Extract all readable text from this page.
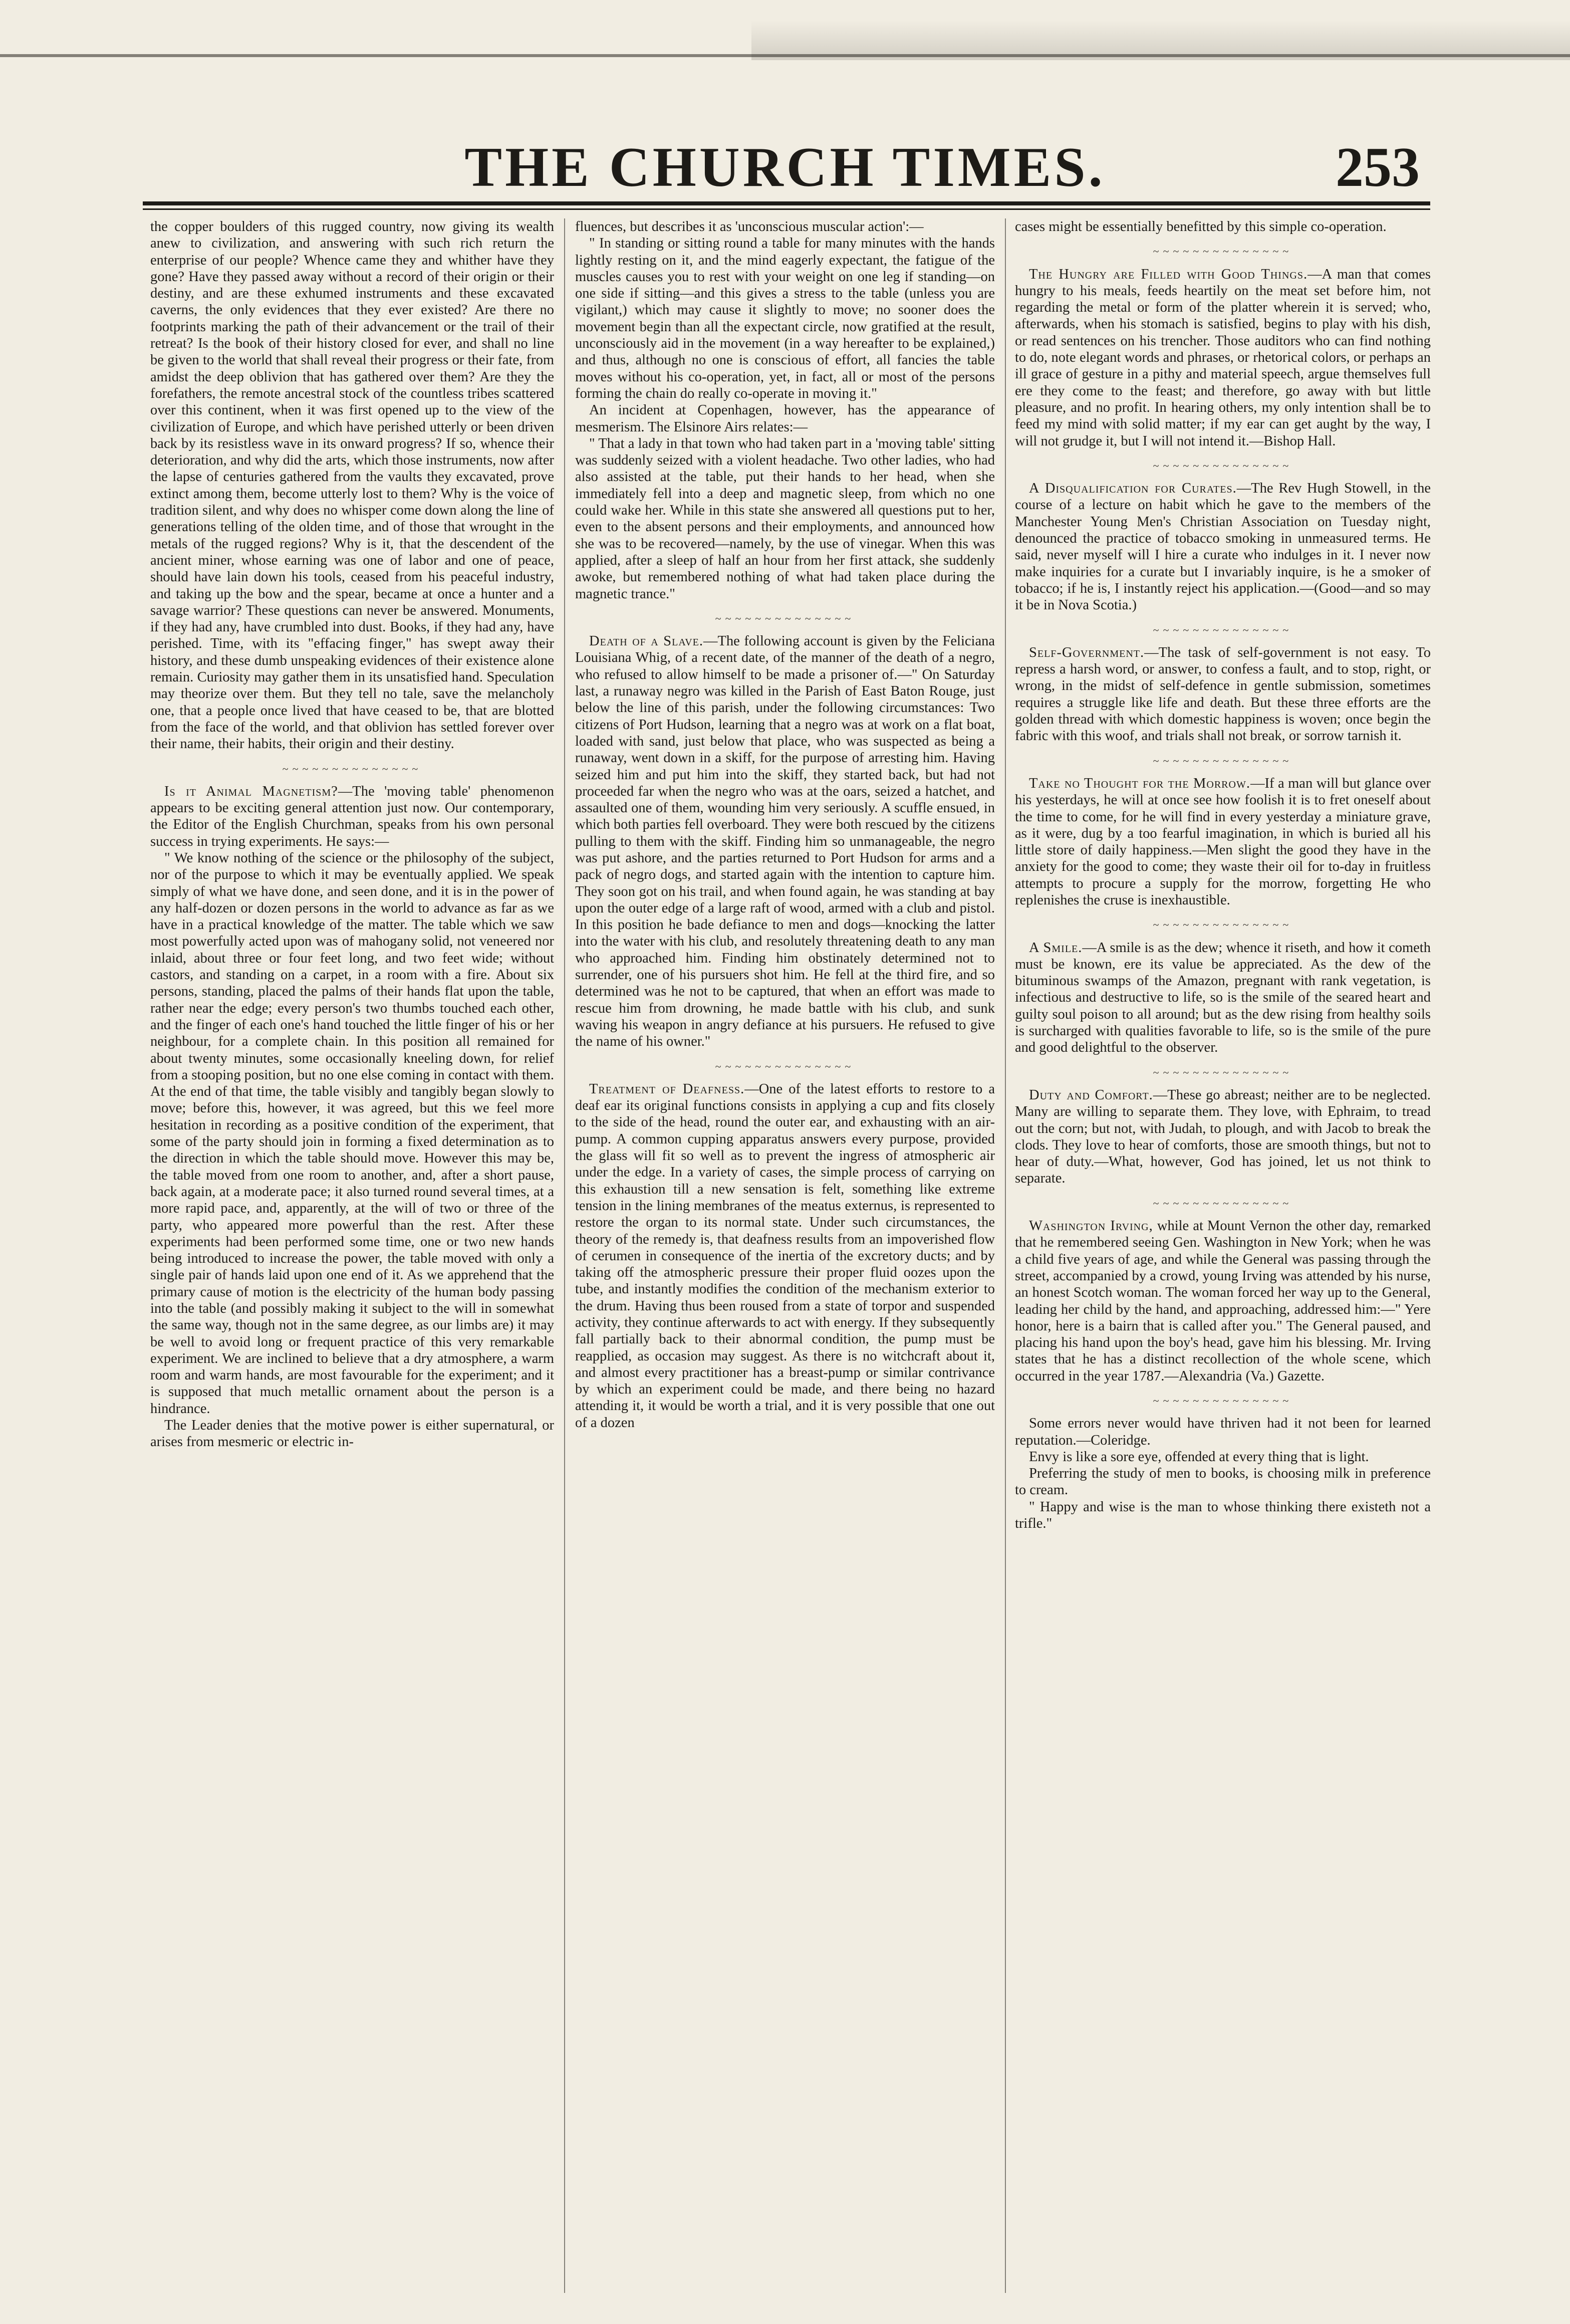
THE CHURCH TIMES.	253

the copper boulders of this rugged country, now giving its wealth anew to civilization, and answering with such rich return the enterprise of our people? Whence came they and whither have they gone? Have they passed away without a record of their origin or their destiny, and are these exhumed instruments and these excavated caverns, the only evidences that they ever existed? Are there no footprints marking the path of their advancement or the trail of their retreat? Is the book of their history closed for ever, and shall no line be given to the world that shall reveal their progress or their fate, from amidst the deep oblivion that has gathered over them? Are they the forefathers, the remote ancestral stock of the countless tribes scattered over this continent, when it was first opened up to the view of the civilization of Europe, and which have perished utterly or been driven back by its resistless wave in its onward progress? If so, whence their deterioration, and why did the arts, which those instruments, now after the lapse of centuries gathered from the vaults they excavated, prove extinct among them, become utterly lost to them? Why is the voice of tradition silent, and why does no whisper come down along the line of generations telling of the olden time, and of those that wrought in the metals of the rugged regions? Why is it, that the descendent of the ancient miner, whose earning was one of labor and one of peace, should have lain down his tools, ceased from his peaceful industry, and taking up the bow and the spear, became at once a hunter and a savage warrior? These questions can never be answered. Monuments, if they had any, have crumbled into dust. Books, if they had any, have perished. Time, with its "effacing finger," has swept away their history, and these dumb unspeaking evidences of their existence alone remain. Curiosity may gather them in its unsatisfied hand. Speculation may theorize over them. But they tell no tale, save the melancholy one, that a people once lived that have ceased to be, that are blotted from the face of the world, and that oblivion has settled forever over their name, their habits, their origin and their destiny.

~~~~~~~~~~~~~~

Is it Animal Magnetism?—The 'moving table' phenomenon appears to be exciting general attention just now. Our contemporary, the Editor of the English Churchman, speaks from his own personal success in trying experiments. He says:—

" We know nothing of the science or the philosophy of the subject, nor of the purpose to which it may be eventually applied. We speak simply of what we have done, and seen done, and it is in the power of any half-dozen or dozen persons in the world to advance as far as we have in a practical knowledge of the matter. The table which we saw most powerfully acted upon was of mahogany solid, not veneered nor inlaid, about three or four feet long, and two feet wide; without castors, and standing on a carpet, in a room with a fire. About six persons, standing, placed the palms of their hands flat upon the table, rather near the edge; every person's two thumbs touched each other, and the finger of each one's hand touched the little finger of his or her neighbour, for a complete chain. In this position all remained for about twenty minutes, some occasionally kneeling down, for relief from a stooping position, but no one else coming in contact with them. At the end of that time, the table visibly and tangibly began slowly to move; before this, however, it was agreed, but this we feel more hesitation in recording as a positive condition of the experiment, that some of the party should join in forming a fixed determination as to the direction in which the table should move. However this may be, the table moved from one room to another, and, after a short pause, back again, at a moderate pace; it also turned round several times, at a more rapid pace, and, apparently, at the will of two or three of the party, who appeared more powerful than the rest. After these experiments had been performed some time, one or two new hands being introduced to increase the power, the table moved with only a single pair of hands laid upon one end of it. As we apprehend that the primary cause of motion is the electricity of the human body passing into the table (and possibly making it subject to the will in somewhat the same way, though not in the same degree, as our limbs are) it may be well to avoid long or frequent practice of this very remarkable experiment. We are inclined to believe that a dry atmosphere, a warm room and warm hands, are most favourable for the experiment; and it is supposed that much metallic ornament about the person is a hindrance.

The Leader denies that the motive power is either supernatural, or arises from mesmeric or electric in-

fluences, but describes it as 'unconscious muscular action':—

" In standing or sitting round a table for many minutes with the hands lightly resting on it, and the mind eagerly expectant, the fatigue of the muscles causes you to rest with your weight on one leg if standing—on one side if sitting—and this gives a stress to the table (unless you are vigilant,) which may cause it slightly to move; no sooner does the movement begin than all the expectant circle, now gratified at the result, unconsciously aid in the movement (in a way hereafter to be explained,) and thus, although no one is conscious of effort, all fancies the table moves without his co-operation, yet, in fact, all or most of the persons forming the chain do really co-operate in moving it."

An incident at Copenhagen, however, has the appearance of mesmerism. The Elsinore Airs relates:—

" That a lady in that town who had taken part in a 'moving table' sitting was suddenly seized with a violent headache. Two other ladies, who had also assisted at the table, put their hands to her head, when she immediately fell into a deep and magnetic sleep, from which no one could wake her. While in this state she answered all questions put to her, even to the absent persons and their employments, and announced how she was to be recovered—namely, by the use of vinegar. When this was applied, after a sleep of half an hour from her first attack, she suddenly awoke, but remembered nothing of what had taken place during the magnetic trance."

~~~~~~~~~~~~~~

Death of a Slave.—The following account is given by the Feliciana Louisiana Whig, of a recent date, of the manner of the death of a negro, who refused to allow himself to be made a prisoner of.—" On Saturday last, a runaway negro was killed in the Parish of East Baton Rouge, just below the line of this parish, under the following circumstances: Two citizens of Port Hudson, learning that a negro was at work on a flat boat, loaded with sand, just below that place, who was suspected as being a runaway, went down in a skiff, for the purpose of arresting him. Having seized him and put him into the skiff, they started back, but had not proceeded far when the negro who was at the oars, seized a hatchet, and assaulted one of them, wounding him very seriously. A scuffle ensued, in which both parties fell overboard. They were both rescued by the citizens pulling to them with the skiff. Finding him so unmanageable, the negro was put ashore, and the parties returned to Port Hudson for arms and a pack of negro dogs, and started again with the intention to capture him. They soon got on his trail, and when found again, he was standing at bay upon the outer edge of a large raft of wood, armed with a club and pistol. In this position he bade defiance to men and dogs—knocking the latter into the water with his club, and resolutely threatening death to any man who approached him. Finding him obstinately determined not to surrender, one of his pursuers shot him. He fell at the third fire, and so determined was he not to be captured, that when an effort was made to rescue him from drowning, he made battle with his club, and sunk waving his weapon in angry defiance at his pursuers. He refused to give the name of his owner."

~~~~~~~~~~~~~~

Treatment of Deafness.—One of the latest efforts to restore to a deaf ear its original functions consists in applying a cup and fits closely to the side of the head, round the outer ear, and exhausting with an air-pump. A common cupping apparatus answers every purpose, provided the glass will fit so well as to prevent the ingress of atmospheric air under the edge. In a variety of cases, the simple process of carrying on this exhaustion till a new sensation is felt, something like extreme tension in the lining membranes of the meatus externus, is represented to restore the organ to its normal state. Under such circumstances, the theory of the remedy is, that deafness results from an impoverished flow of cerumen in consequence of the inertia of the excretory ducts; and by taking off the atmospheric pressure their proper fluid oozes upon the tube, and instantly modifies the condition of the mechanism exterior to the drum. Having thus been roused from a state of torpor and suspended activity, they continue afterwards to act with energy. If they subsequently fall partially back to their abnormal condition, the pump must be reapplied, as occasion may suggest. As there is no witchcraft about it, and almost every practitioner has a breast-pump or similar contrivance by which an experiment could be made, and there being no hazard attending it, it would be worth a trial, and it is very possible that one out of a dozen

cases might be essentially benefitted by this simple co-operation.

~~~~~~~~~~~~~~

The Hungry are Filled with Good Things.—A man that comes hungry to his meals, feeds heartily on the meat set before him, not regarding the metal or form of the platter wherein it is served; who, afterwards, when his stomach is satisfied, begins to play with his dish, or read sentences on his trencher. Those auditors who can find nothing to do, note elegant words and phrases, or rhetorical colors, or perhaps an ill grace of gesture in a pithy and material speech, argue themselves full ere they come to the feast; and therefore, go away with but little pleasure, and no profit. In hearing others, my only intention shall be to feed my mind with solid matter; if my ear can get aught by the way, I will not grudge it, but I will not intend it.—Bishop Hall.

~~~~~~~~~~~~~~

A Disqualification for Curates.—The Rev Hugh Stowell, in the course of a lecture on habit which he gave to the members of the Manchester Young Men's Christian Association on Tuesday night, denounced the practice of tobacco smoking in unmeasured terms. He said, never myself will I hire a curate who indulges in it. I never now make inquiries for a curate but I invariably inquire, is he a smoker of tobacco; if he is, I instantly reject his application.—(Good—and so may it be in Nova Scotia.)

~~~~~~~~~~~~~~

Self-Government.—The task of self-government is not easy. To repress a harsh word, or answer, to confess a fault, and to stop, right, or wrong, in the midst of self-defence in gentle submission, sometimes requires a struggle like life and death. But these three efforts are the golden thread with which domestic happiness is woven; once begin the fabric with this woof, and trials shall not break, or sorrow tarnish it.

~~~~~~~~~~~~~~

Take no Thought for the Morrow.—If a man will but glance over his yesterdays, he will at once see how foolish it is to fret oneself about the time to come, for he will find in every yesterday a miniature grave, as it were, dug by a too fearful imagination, in which is buried all his little store of daily happiness.—Men slight the good they have in the anxiety for the good to come; they waste their oil for to-day in fruitless attempts to procure a supply for the morrow, forgetting He who replenishes the cruse is inexhaustible.

~~~~~~~~~~~~~~

A Smile.—A smile is as the dew; whence it riseth, and how it cometh must be known, ere its value be appreciated. As the dew of the bituminous swamps of the Amazon, pregnant with rank vegetation, is infectious and destructive to life, so is the smile of the seared heart and guilty soul poison to all around; but as the dew rising from healthy soils is surcharged with qualities favorable to life, so is the smile of the pure and good delightful to the observer.

~~~~~~~~~~~~~~

Duty and Comfort.—These go abreast; neither are to be neglected. Many are willing to separate them. They love, with Ephraim, to tread out the corn; but not, with Judah, to plough, and with Jacob to break the clods. They love to hear of comforts, those are smooth things, but not to hear of duty.—What, however, God has joined, let us not think to separate.

~~~~~~~~~~~~~~

Washington Irving, while at Mount Vernon the other day, remarked that he remembered seeing Gen. Washington in New York; when he was a child five years of age, and while the General was passing through the street, accompanied by a crowd, young Irving was attended by his nurse, an honest Scotch woman. The woman forced her way up to the General, leading her child by the hand, and approaching, addressed him:—" Yere honor, here is a bairn that is called after you." The General paused, and placing his hand upon the boy's head, gave him his blessing. Mr. Irving states that he has a distinct recollection of the whole scene, which occurred in the year 1787.—Alexandria (Va.) Gazette.

~~~~~~~~~~~~~~

Some errors never would have thriven had it not been for learned reputation.—Coleridge.

Envy is like a sore eye, offended at every thing that is light.

Preferring the study of men to books, is choosing milk in preference to cream.

" Happy and wise is the man to whose thinking there existeth not a trifle."
